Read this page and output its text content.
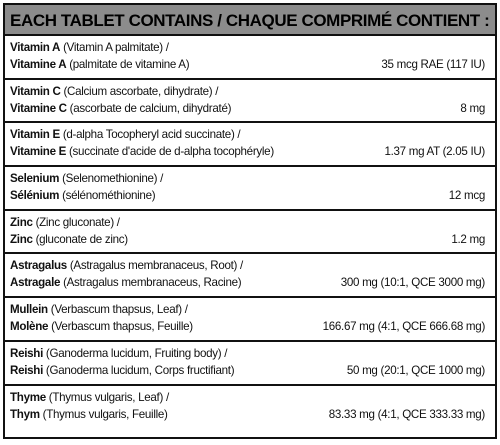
EACH TABLET CONTAINS / CHAQUE COMPRIMÉ CONTIENT :
Vitamin A (Vitamin A palmitate) /
Vitamine A (palmitate de vitamine A)	35 mcg RAE (117 IU)
Vitamin C (Calcium ascorbate, dihydrate) /
Vitamine C (ascorbate de calcium, dihydraté)	8 mg
Vitamin E (d-alpha Tocopheryl acid succinate) /
Vitamine E (succinate d'acide de d-alpha tocophéryle)	1.37 mg AT (2.05 IU)
Selenium (Selenomethionine) /
Sélénium (sélénométhionine)	12 mcg
Zinc (Zinc gluconate) /
Zinc (gluconate de zinc)	1.2 mg
Astragalus (Astragalus membranaceus, Root) /
Astragale (Astragalus membranaceus, Racine)	300 mg (10:1, QCE 3000 mg)
Mullein (Verbascum thapsus, Leaf) /
Molène (Verbascum thapsus, Feuille)	166.67 mg (4:1, QCE 666.68 mg)
Reishi (Ganoderma lucidum, Fruiting body) /
Reishi (Ganoderma lucidum, Corps fructifiant)	50 mg (20:1, QCE 1000 mg)
Thyme (Thymus vulgaris, Leaf) /
Thym (Thymus vulgaris, Feuille)	83.33 mg (4:1, QCE 333.33 mg)
